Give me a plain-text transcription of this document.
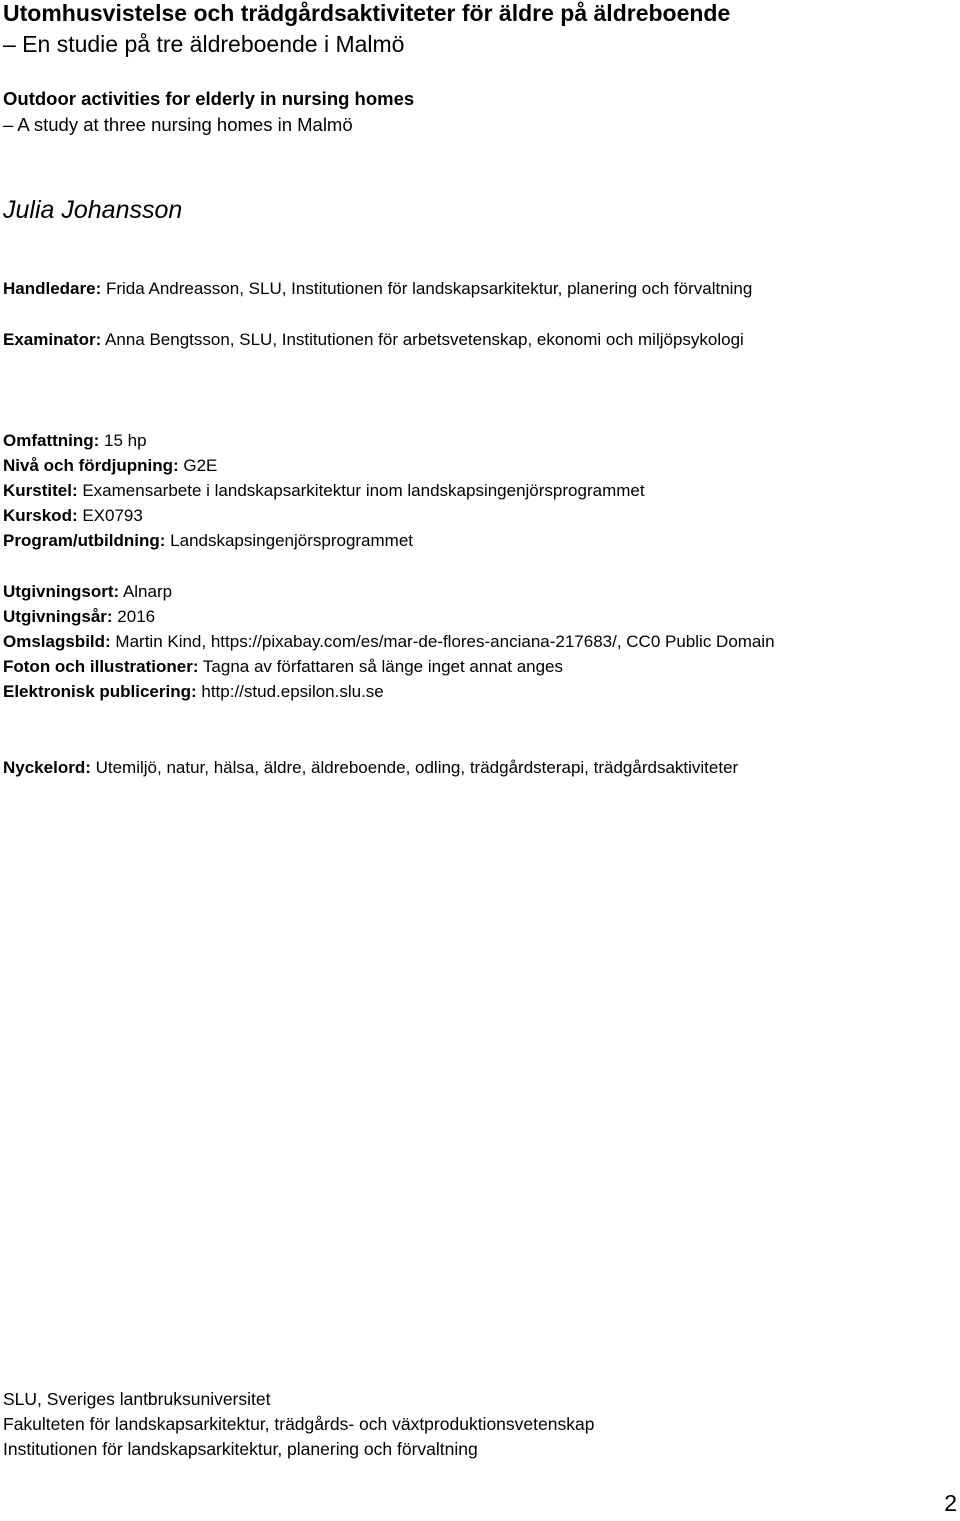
Utomhusvistelse och trädgårdsaktiviteter för äldre på äldreboende

– En studie på tre äldreboende i Malmö

Outdoor activities for elderly in nursing homes

– A study at three nursing homes in Malmö

Julia Johansson

Handledare: Frida Andreasson, SLU, Institutionen för landskapsarkitektur, planering och förvaltning

Examinator: Anna Bengtsson, SLU, Institutionen för arbetsvetenskap, ekonomi och miljöpsykologi

Omfattning: 15 hp

Nivå och fördjupning: G2E

Kurstitel: Examensarbete i landskapsarkitektur inom landskapsingenjörsprogrammet

Kurskod: EX0793

Program/utbildning: Landskapsingenjörsprogrammet

Utgivningsort: Alnarp

Utgivningsår: 2016

Omslagsbild: Martin Kind, https://pixabay.com/es/mar-de-flores-anciana-217683/, CC0 Public Domain

Foton och illustrationer: Tagna av författaren så länge inget annat anges

Elektronisk publicering: http://stud.epsilon.slu.se

Nyckelord: Utemiljö, natur, hälsa, äldre, äldreboende, odling, trädgårdsterapi, trädgårdsaktiviteter

SLU, Sveriges lantbruksuniversitet

Fakulteten för landskapsarkitektur, trädgårds- och växtproduktionsvetenskap

Institutionen för landskapsarkitektur, planering och förvaltning

2
